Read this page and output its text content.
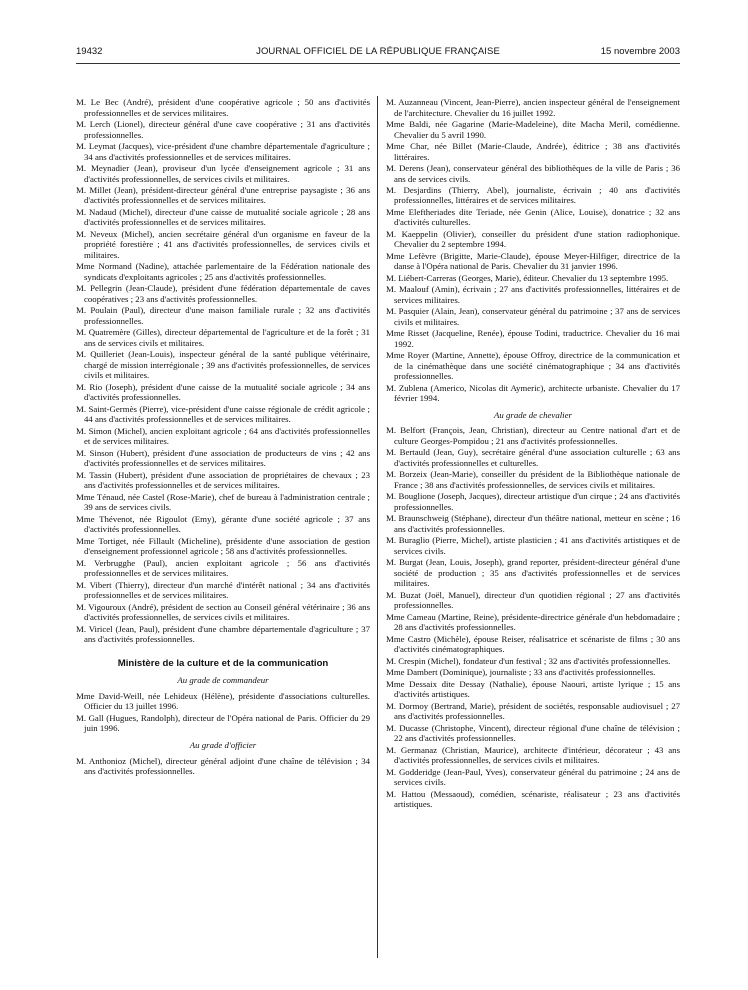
19432	JOURNAL OFFICIEL DE LA RÉPUBLIQUE FRANÇAISE	15 novembre 2003
M. Le Bec (André), président d'une coopérative agricole ; 50 ans d'activités professionnelles et de services militaires.
M. Lerch (Lionel), directeur général d'une cave coopérative ; 31 ans d'activités professionnelles.
M. Leymat (Jacques), vice-président d'une chambre départementale d'agriculture ; 34 ans d'activités professionnelles et de services militaires.
M. Meynadier (Jean), proviseur d'un lycée d'enseignement agricole ; 31 ans d'activités professionnelles, de services civils et militaires.
M. Millet (Jean), président-directeur général d'une entreprise paysagiste ; 36 ans d'activités professionnelles et de services militaires.
M. Nadaud (Michel), directeur d'une caisse de mutualité sociale agricole ; 28 ans d'activités professionnelles et de services militaires.
M. Neveux (Michel), ancien secrétaire général d'un organisme en faveur de la propriété forestière ; 41 ans d'activités professionnelles, de services civils et militaires.
Mme Normand (Nadine), attachée parlementaire de la Fédération nationale des syndicats d'exploitants agricoles ; 25 ans d'activités professionnelles.
M. Pellegrin (Jean-Claude), président d'une fédération départementale de caves coopératives ; 23 ans d'activités professionnelles.
M. Poulain (Paul), directeur d'une maison familiale rurale ; 32 ans d'activités professionnelles.
M. Quatremère (Gilles), directeur départemental de l'agriculture et de la forêt ; 31 ans de services civils et militaires.
M. Quilleriet (Jean-Louis), inspecteur général de la santé publique vétérinaire, chargé de mission interrégionale ; 39 ans d'activités professionnelles, de services civils et militaires.
M. Rio (Joseph), président d'une caisse de la mutualité sociale agricole ; 34 ans d'activités professionnelles.
M. Saint-Germès (Pierre), vice-président d'une caisse régionale de crédit agricole ; 44 ans d'activités professionnelles et de services militaires.
M. Simon (Michel), ancien exploitant agricole ; 64 ans d'activités professionnelles et de services militaires.
M. Sinson (Hubert), président d'une association de producteurs de vins ; 42 ans d'activités professionnelles et de services militaires.
M. Tassin (Hubert), président d'une association de propriétaires de chevaux ; 23 ans d'activités professionnelles et de services militaires.
Mme Ténaud, née Castel (Rose-Marie), chef de bureau à l'administration centrale ; 39 ans de services civils.
Mme Thévenot, née Rigoulot (Emy), gérante d'une société agricole ; 37 ans d'activités professionnelles.
Mme Tortiget, née Fillault (Micheline), présidente d'une association de gestion d'enseignement professionnel agricole ; 58 ans d'activités professionnelles.
M. Verbrugghe (Paul), ancien exploitant agricole ; 56 ans d'activités professionnelles et de services militaires.
M. Vibert (Thierry), directeur d'un marché d'intérêt national ; 34 ans d'activités professionnelles et de services militaires.
M. Vigouroux (André), président de section au Conseil général vétérinaire ; 36 ans d'activités professionnelles, de services civils et militaires.
M. Viricel (Jean, Paul), président d'une chambre départementale d'agriculture ; 37 ans d'activités professionnelles.
Ministère de la culture et de la communication
Au grade de commandeur
Mme David-Weill, née Lehideux (Hélène), présidente d'associations culturelles. Officier du 13 juillet 1996.
M. Gall (Hugues, Randolph), directeur de l'Opéra national de Paris. Officier du 29 juin 1996.
Au grade d'officier
M. Anthonioz (Michel), directeur général adjoint d'une chaîne de télévision ; 34 ans d'activités professionnelles.
M. Auzanneau (Vincent, Jean-Pierre), ancien inspecteur général de l'enseignement de l'architecture. Chevalier du 16 juillet 1992.
Mme Baldi, née Gagarine (Marie-Madeleine), dite Macha Meril, comédienne. Chevalier du 5 avril 1990.
Mme Char, née Billet (Marie-Claude, Andrée), éditrice ; 38 ans d'activités littéraires.
M. Derens (Jean), conservateur général des bibliothèques de la ville de Paris ; 36 ans de services civils.
M. Desjardins (Thierry, Abel), journaliste, écrivain ; 40 ans d'activités professionnelles, littéraires et de services militaires.
Mme Eleftheriades dite Teriade, née Genin (Alice, Louise), donatrice ; 32 ans d'activités culturelles.
M. Kaeppelin (Olivier), conseiller du président d'une station radiophonique. Chevalier du 2 septembre 1994.
Mme Lefèvre (Brigitte, Marie-Claude), épouse Meyer-Hilfiger, directrice de la danse à l'Opéra national de Paris. Chevalier du 31 janvier 1996.
M. Liébert-Carreras (Georges, Marie), éditeur. Chevalier du 13 septembre 1995.
M. Maalouf (Amin), écrivain ; 27 ans d'activités professionnelles, littéraires et de services militaires.
M. Pasquier (Alain, Jean), conservateur général du patrimoine ; 37 ans de services civils et militaires.
Mme Risset (Jacqueline, Renée), épouse Todini, traductrice. Chevalier du 16 mai 1992.
Mme Royer (Martine, Annette), épouse Offroy, directrice de la communication et de la cinémathèque dans une société cinématographique ; 34 ans d'activités professionnelles.
M. Zublena (Americo, Nicolas dit Aymeric), architecte urbaniste. Chevalier du 17 février 1994.
Au grade de chevalier
M. Belfort (François, Jean, Christian), directeur au Centre national d'art et de culture Georges-Pompidou ; 21 ans d'activités professionnelles.
M. Bertauld (Jean, Guy), secrétaire général d'une association culturelle ; 63 ans d'activités professionnelles et culturelles.
M. Borzeix (Jean-Marie), conseiller du président de la Bibliothèque nationale de France ; 38 ans d'activités professionnelles, de services civils et militaires.
M. Bouglione (Joseph, Jacques), directeur artistique d'un cirque ; 24 ans d'activités professionnelles.
M. Braunschweig (Stéphane), directeur d'un théâtre national, metteur en scène ; 16 ans d'activités professionnelles.
M. Buraglio (Pierre, Michel), artiste plasticien ; 41 ans d'activités artistiques et de services civils.
M. Burgat (Jean, Louis, Joseph), grand reporter, président-directeur général d'une société de production ; 35 ans d'activités professionnelles et de services militaires.
M. Buzat (Joël, Manuel), directeur d'un quotidien régional ; 27 ans d'activités professionnelles.
Mme Cameau (Martine, Reine), présidente-directrice générale d'un hebdomadaire ; 28 ans d'activités professionnelles.
Mme Castro (Michèle), épouse Reiser, réalisatrice et scénariste de films ; 30 ans d'activités cinématographiques.
M. Crespin (Michel), fondateur d'un festival ; 32 ans d'activités professionnelles.
Mme Dambert (Dominique), journaliste ; 33 ans d'activités professionnelles.
Mme Dessaix dite Dessay (Nathalie), épouse Naouri, artiste lyrique ; 15 ans d'activités artistiques.
M. Dormoy (Bertrand, Marie), président de sociétés, responsable audiovisuel ; 27 ans d'activités professionnelles.
M. Ducasse (Christophe, Vincent), directeur régional d'une chaîne de télévision ; 22 ans d'activités professionnelles.
M. Germanaz (Christian, Maurice), architecte d'intérieur, décorateur ; 43 ans d'activités professionnelles, de services civils et militaires.
M. Godderidge (Jean-Paul, Yves), conservateur général du patrimoine ; 24 ans de services civils.
M. Hattou (Messaoud), comédien, scénariste, réalisateur ; 23 ans d'activités artistiques.
